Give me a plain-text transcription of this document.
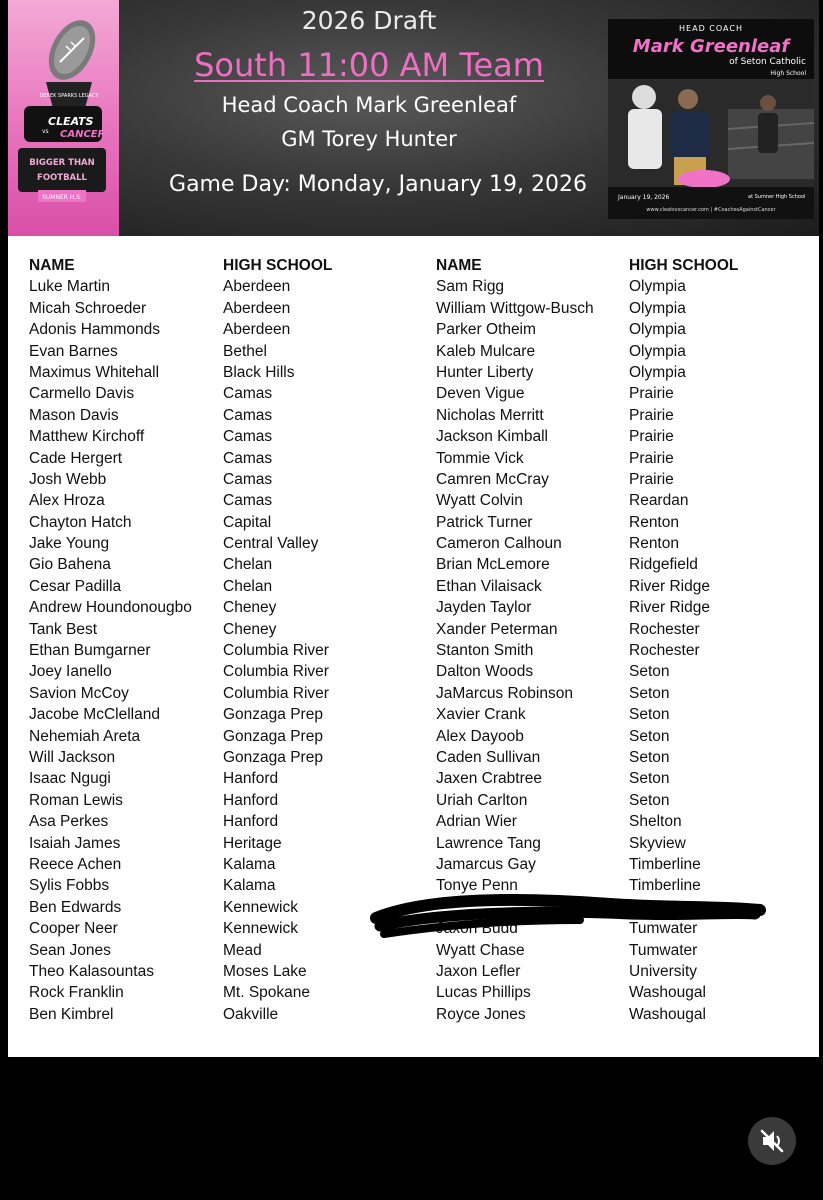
DEREK SPARKS LEGACY
CLEATS
CANCER
vs
BIGGER THAN
FOOTBALL
SUMNER H.S.

2026 Draft

South 11:00 AM Team

Head Coach Mark Greenleaf

GM Torey Hunter

Game Day: Monday, January 19, 2026

HEAD COACH

Mark Greenleaf

of Seton Catholic

High School

January 19, 2026	at Sumner High School

www.cleatsvscancer.com | #CoachesAgainstCancer

NAME
Luke Martin
Micah Schroeder
Adonis Hammonds
Evan Barnes
Maximus Whitehall
Carmello Davis
Mason Davis
Matthew Kirchoff
Cade Hergert
Josh Webb
Alex Hroza
Chayton Hatch
Jake Young
Gio Bahena
Cesar Padilla
Andrew Houndonougbo
Tank Best
Ethan Bumgarner
Joey Ianello
Savion McCoy
Jacobe McClelland
Nehemiah Areta
Will Jackson
Isaac Ngugi
Roman Lewis
Asa Perkes
Isaiah James
Reece Achen
Sylis Fobbs
Ben Edwards
Cooper Neer
Sean Jones
Theo Kalasountas
Rock Franklin
Ben Kimbrel
HIGH SCHOOL
Aberdeen
Aberdeen
Aberdeen
Bethel
Black Hills
Camas
Camas
Camas
Camas
Camas
Camas
Capital
Central Valley
Chelan
Chelan
Cheney
Cheney
Columbia River
Columbia River
Columbia River
Gonzaga Prep
Gonzaga Prep
Gonzaga Prep
Hanford
Hanford
Hanford
Heritage
Kalama
Kalama
Kennewick
Kennewick
Mead
Moses Lake
Mt. Spokane
Oakville
NAME
Sam Rigg
William Wittgow-Busch
Parker Otheim
Kaleb Mulcare
Hunter Liberty
Deven Vigue
Nicholas Merritt
Jackson Kimball
Tommie Vick
Camren McCray
Wyatt Colvin
Patrick Turner
Cameron Calhoun
Brian McLemore
Ethan Vilaisack
Jayden Taylor
Xander Peterman
Stanton Smith
Dalton Woods
JaMarcus Robinson
Xavier Crank
Alex Dayoob
Caden Sullivan
Jaxen Crabtree
Uriah Carlton
Adrian Wier
Lawrence Tang
Jamarcus Gay
Tonye Penn
Jaxon Budd
Wyatt Chase
Jaxon Lefler
Lucas Phillips
Royce Jones
HIGH SCHOOL
Olympia
Olympia
Olympia
Olympia
Olympia
Prairie
Prairie
Prairie
Prairie
Prairie
Reardan
Renton
Renton
Ridgefield
River Ridge
River Ridge
Rochester
Rochester
Seton
Seton
Seton
Seton
Seton
Seton
Seton
Shelton
Skyview
Timberline
Timberline
Tumwater
Tumwater
Tumwater
University
Washougal
Washougal
